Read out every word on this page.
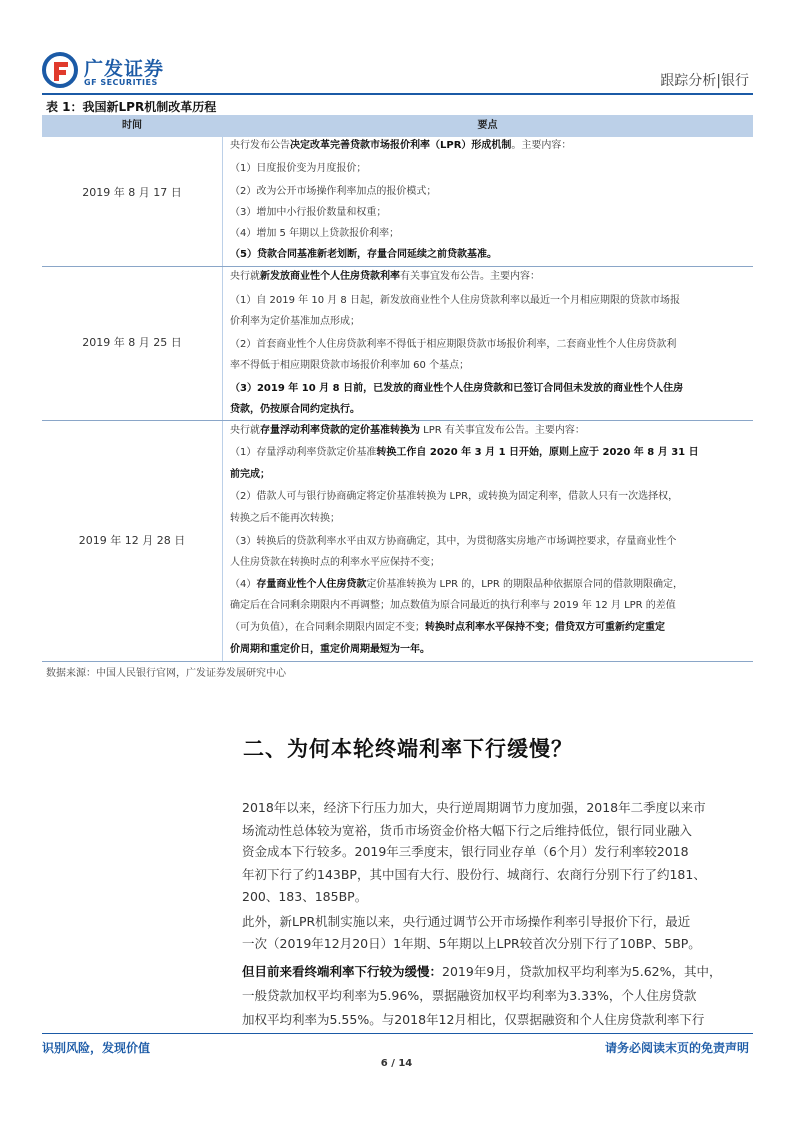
广发证券
GF SECURITIES	跟踪分析|银行
表 1：我国新LPR机制改革历程
时间	要点
2019 年 8 月 17 日
央行发布公告决定改革完善贷款市场报价利率（LPR）形成机制。主要内容：
（1）日度报价变为月度报价；
（2）改为公开市场操作利率加点的报价模式；
（3）增加中小行报价数量和权重；
（4）增加 5 年期以上贷款报价利率；
（5）贷款合同基准新老划断，存量合同延续之前贷款基准。
2019 年 8 月 25 日
央行就新发放商业性个人住房贷款利率有关事宜发布公告。主要内容：
（1）自 2019 年 10 月 8 日起，新发放商业性个人住房贷款利率以最近一个月相应期限的贷款市场报
价利率为定价基准加点形成；
（2）首套商业性个人住房贷款利率不得低于相应期限贷款市场报价利率，二套商业性个人住房贷款利
率不得低于相应期限贷款市场报价利率加 60 个基点；
（3）2019 年 10 月 8 日前，已发放的商业性个人住房贷款和已签订合同但未发放的商业性个人住房
贷款，仍按原合同约定执行。
2019 年 12 月 28 日
央行就存量浮动利率贷款的定价基准转换为 LPR 有关事宜发布公告。主要内容：
（1）存量浮动利率贷款定价基准转换工作自 2020 年 3 月 1 日开始，原则上应于 2020 年 8 月 31 日
前完成；
（2）借款人可与银行协商确定将定价基准转换为 LPR，或转换为固定利率，借款人只有一次选择权，
转换之后不能再次转换；
（3）转换后的贷款利率水平由双方协商确定，其中，为贯彻落实房地产市场调控要求，存量商业性个
人住房贷款在转换时点的利率水平应保持不变；
（4）存量商业性个人住房贷款定价基准转换为 LPR 的，LPR 的期限品种依据原合同的借款期限确定，
确定后在合同剩余期限内不再调整；加点数值为原合同最近的执行利率与 2019 年 12 月 LPR 的差值
（可为负值），在合同剩余期限内固定不变；转换时点利率水平保持不变；借贷双方可重新约定重定
价周期和重定价日，重定价周期最短为一年。
数据来源：中国人民银行官网，广发证券发展研究中心
二、为何本轮终端利率下行缓慢？
2018年以来，经济下行压力加大，央行逆周期调节力度加强，2018年二季度以来市
场流动性总体较为宽裕，货币市场资金价格大幅下行之后维持低位，银行同业融入
资金成本下行较多。2019年三季度末，银行同业存单（6个月）发行利率较2018
年初下行了约143BP，其中国有大行、股份行、城商行、农商行分别下行了约181、
200、183、185BP。
此外，新LPR机制实施以来，央行通过调节公开市场操作利率引导报价下行，最近
一次（2019年12月20日）1年期、5年期以上LPR较首次分别下行了10BP、5BP。
但目前来看终端利率下行较为缓慢：2019年9月，贷款加权平均利率为5.62%，其中，
一般贷款加权平均利率为5.96%，票据融资加权平均利率为3.33%，个人住房贷款
加权平均利率为5.55%。与2018年12月相比，仅票据融资和个人住房贷款利率下行
识别风险，发现价值	请务必阅读末页的免责声明
6 / 14
